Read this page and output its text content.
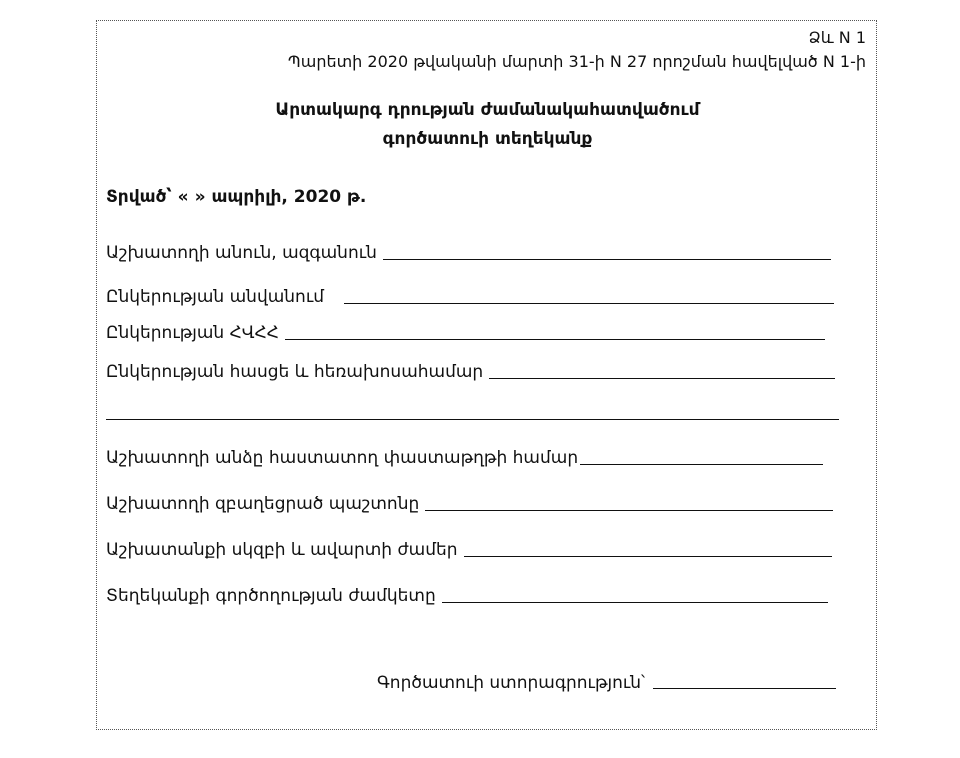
Ձև N 1
Պարետի 2020 թվականի մարտի 31-ի N 27 որոշման հավելված N 1-ի
Արտակարգ դրության ժամանակահատվածում
գործատուի տեղեկանք
Տրված՝ « » ապրիլի, 2020 թ.
Աշխատողի անուն, ազգանուն
Ընկերության անվանում
Ընկերության ՀՎՀՀ
Ընկերության հասցե և հեռախոսահամար
Աշխատողի անձը հաստատող փաստաթղթի համար
Աշխատողի զբաղեցրած պաշտոնը
Աշխատանքի սկզբի և ավարտի ժամեր
Տեղեկանքի գործողության ժամկետը
Գործատուի ստորագրություն՝
